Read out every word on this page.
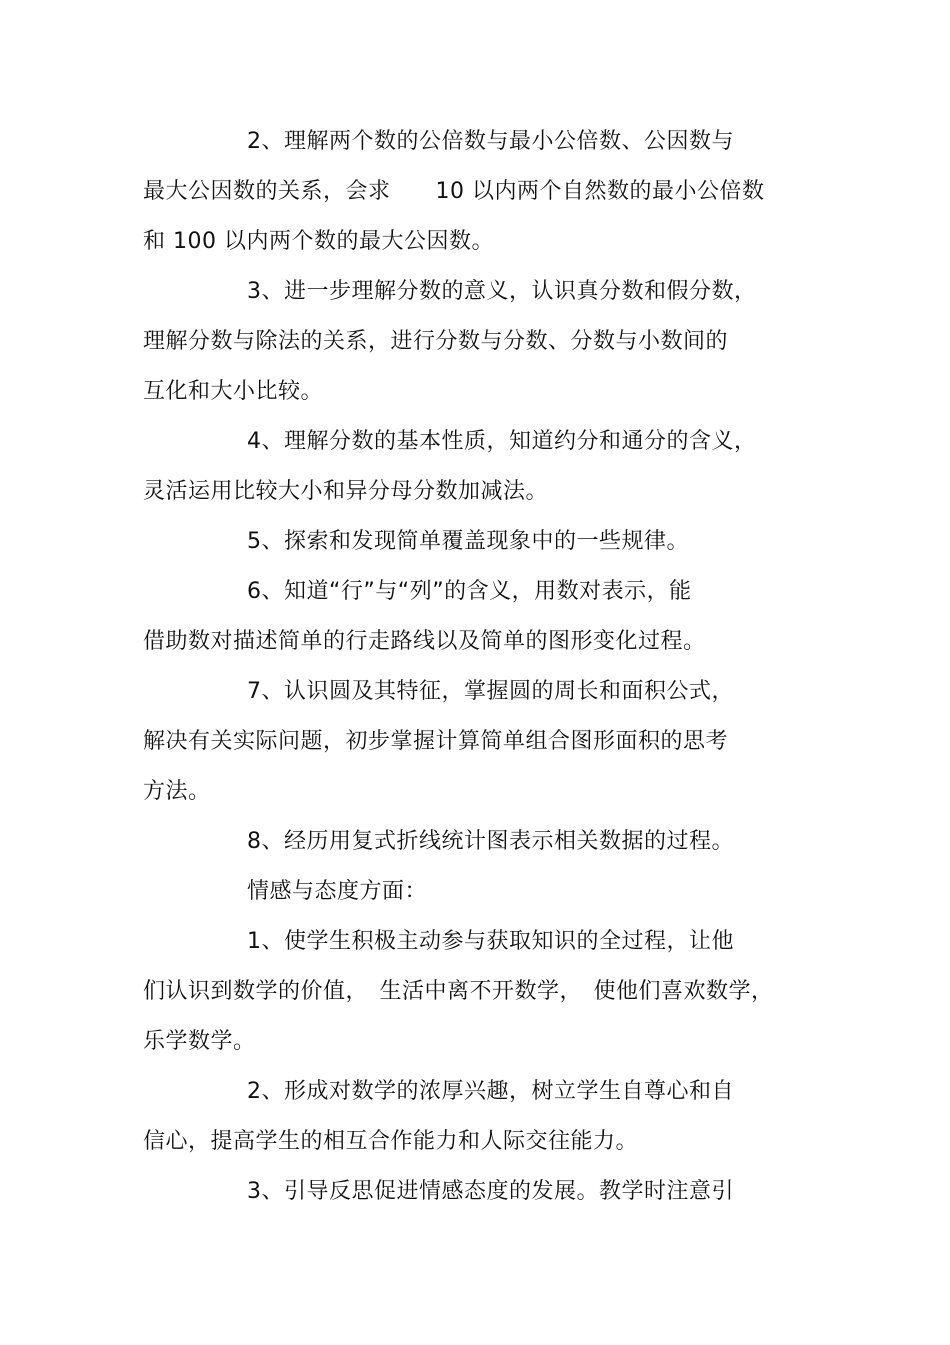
2、理解两个数的公倍数与最小公倍数、公因数与
最大公因数的关系，会求　　10 以内两个自然数的最小公倍数
和 100 以内两个数的最大公因数。
3、进一步理解分数的意义，认识真分数和假分数，
理解分数与除法的关系，进行分数与分数、分数与小数间的
互化和大小比较。
4、理解分数的基本性质，知道约分和通分的含义，
灵活运用比较大小和异分母分数加减法。
5、探索和发现简单覆盖现象中的一些规律。
6、知道“行”与“列”的含义，用数对表示，能
借助数对描述简单的行走路线以及简单的图形变化过程。
7、认识圆及其特征，掌握圆的周长和面积公式，
解决有关实际问题，初步掌握计算简单组合图形面积的思考
方法。
8、经历用复式折线统计图表示相关数据的过程。
情感与态度方面：
1、使学生积极主动参与获取知识的全过程，让他
们认识到数学的价值，　生活中离不开数学，　使他们喜欢数学，
乐学数学。
2、形成对数学的浓厚兴趣，树立学生自尊心和自
信心，提高学生的相互合作能力和人际交往能力。
3、引导反思促进情感态度的发展。教学时注意引
